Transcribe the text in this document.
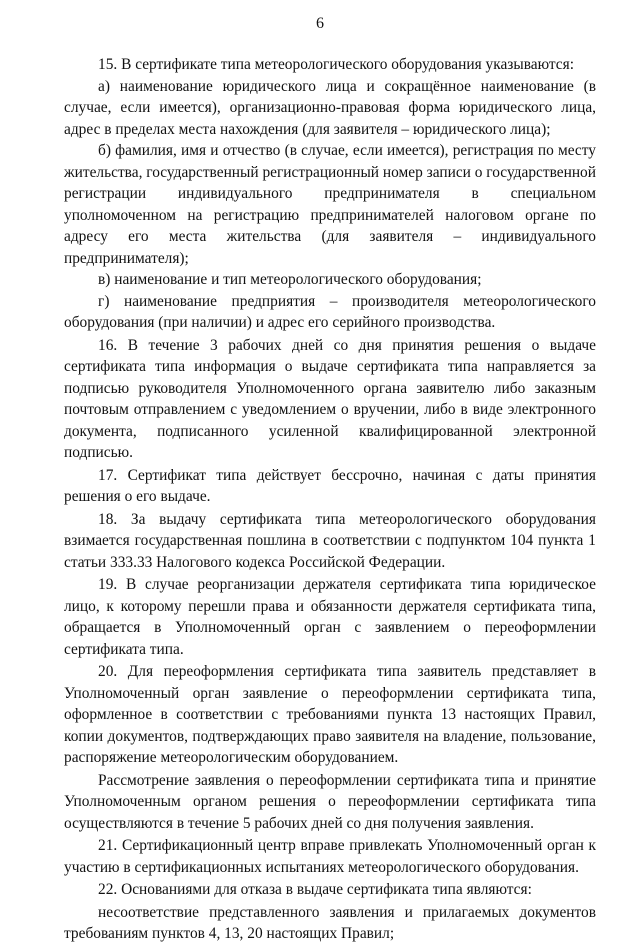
6

15. В сертификате типа метеорологического оборудования указываются:

а) наименование юридического лица и сокращённое наименование (в случае, если имеется), организационно-правовая форма юридического лица, адрес в пределах места нахождения (для заявителя – юридического лица);

б) фамилия, имя и отчество (в случае, если имеется), регистрация по месту жительства, государственный регистрационный номер записи о государственной регистрации индивидуального предпринимателя в специальном уполномоченном на регистрацию предпринимателей налоговом органе по адресу его места жительства (для заявителя – индивидуального предпринимателя);

в) наименование и тип метеорологического оборудования;

г) наименование предприятия – производителя метеорологического оборудования (при наличии) и адрес его серийного производства.

16. В течение 3 рабочих дней со дня принятия решения о выдаче сертификата типа информация о выдаче сертификата типа направляется за подписью руководителя Уполномоченного органа заявителю либо заказным почтовым отправлением с уведомлением о вручении, либо в виде электронного документа, подписанного усиленной квалифицированной электронной подписью.

17. Сертификат типа действует бессрочно, начиная с даты принятия решения о его выдаче.

18. За выдачу сертификата типа метеорологического оборудования взимается государственная пошлина в соответствии с подпунктом 104 пункта 1 статьи 333.33 Налогового кодекса Российской Федерации.

19. В случае реорганизации держателя сертификата типа юридическое лицо, к которому перешли права и обязанности держателя сертификата типа, обращается в Уполномоченный орган с заявлением о переоформлении сертификата типа.

20. Для переоформления сертификата типа заявитель представляет в Уполномоченный орган заявление о переоформлении сертификата типа, оформленное в соответствии с требованиями пункта 13 настоящих Правил, копии документов, подтверждающих право заявителя на владение, пользование, распоряжение метеорологическим оборудованием.

Рассмотрение заявления о переоформлении сертификата типа и принятие Уполномоченным органом решения о переоформлении сертификата типа осуществляются в течение 5 рабочих дней со дня получения заявления.

21. Сертификационный центр вправе привлекать Уполномоченный орган к участию в сертификационных испытаниях метеорологического оборудования.

22. Основаниями для отказа в выдаче сертификата типа являются:

несоответствие представленного заявления и прилагаемых документов требованиям пунктов 4, 13, 20 настоящих Правил;
